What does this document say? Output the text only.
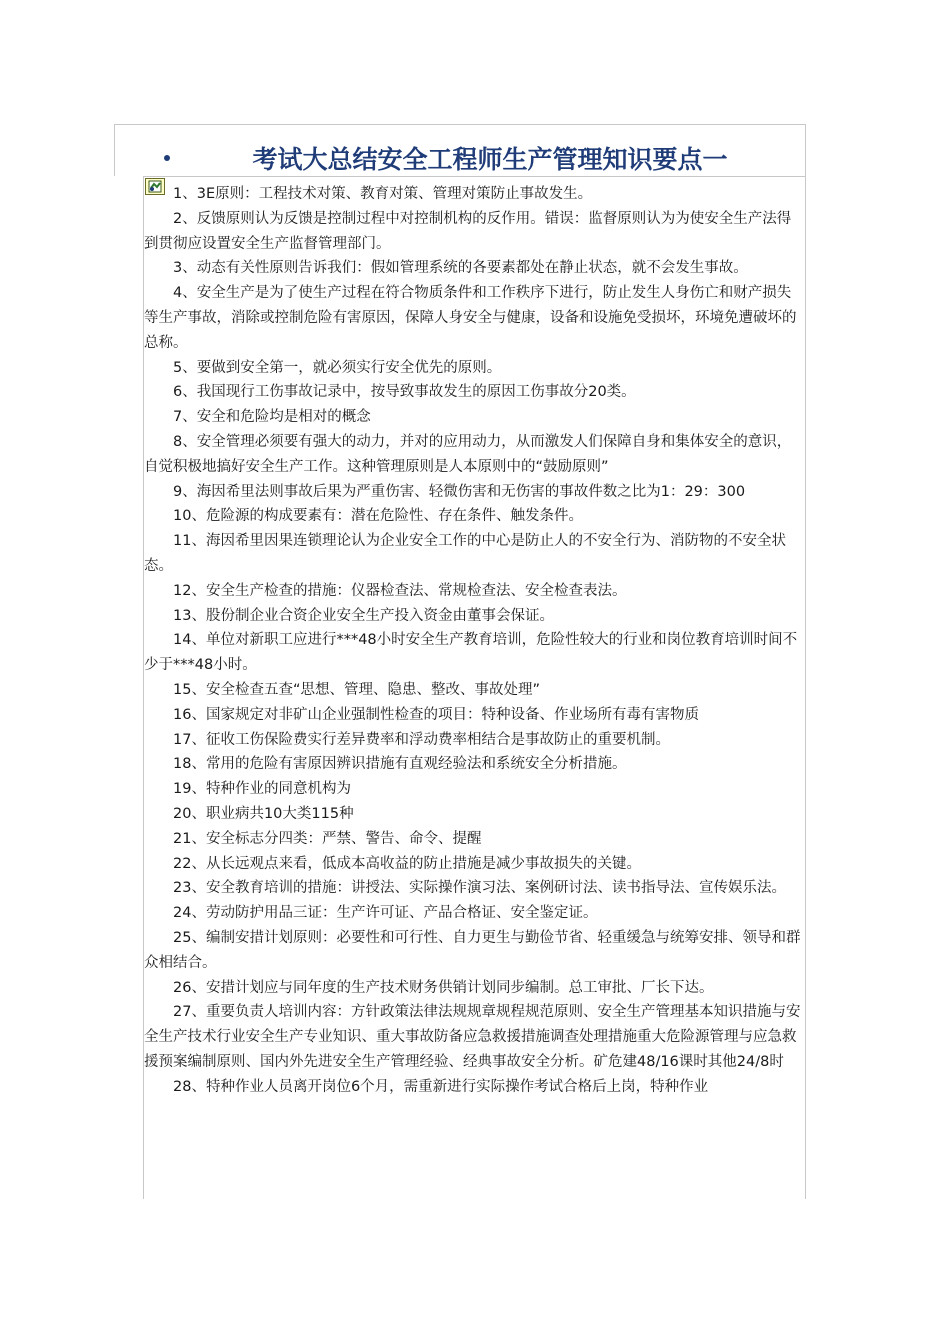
考试大总结安全工程师生产管理知识要点一

1、3E原则：工程技术对策、教育对策、管理对策防止事故发生。

2、反馈原则认为反馈是控制过程中对控制机构的反作用。错误：监督原则认为为使安全生产法得到贯彻应设置安全生产监督管理部门。

3、动态有关性原则告诉我们：假如管理系统的各要素都处在静止状态，就不会发生事故。

4、安全生产是为了使生产过程在符合物质条件和工作秩序下进行，防止发生人身伤亡和财产损失等生产事故，消除或控制危险有害原因，保障人身安全与健康，设备和设施免受损坏，环境免遭破坏的总称。

5、要做到安全第一，就必须实行安全优先的原则。

6、我国现行工伤事故记录中，按导致事故发生的原因工伤事故分20类。

7、安全和危险均是相对的概念

8、安全管理必须要有强大的动力，并对的应用动力，从而激发人们保障自身和集体安全的意识，自觉积极地搞好安全生产工作。这种管理原则是人本原则中的“鼓励原则”

9、海因希里法则事故后果为严重伤害、轻微伤害和无伤害的事故件数之比为1：29：300

10、危险源的构成要素有：潜在危险性、存在条件、触发条件。

11、海因希里因果连锁理论认为企业安全工作的中心是防止人的不安全行为、消防物的不安全状态。

12、安全生产检查的措施：仪器检查法、常规检查法、安全检查表法。

13、股份制企业合资企业安全生产投入资金由董事会保证。

14、单位对新职工应进行***48小时安全生产教育培训，危险性较大的行业和岗位教育培训时间不少于***48小时。

15、安全检查五查“思想、管理、隐患、整改、事故处理”

16、国家规定对非矿山企业强制性检查的项目：特种设备、作业场所有毒有害物质

17、征收工伤保险费实行差异费率和浮动费率相结合是事故防止的重要机制。

18、常用的危险有害原因辨识措施有直观经验法和系统安全分析措施。

19、特种作业的同意机构为

20、职业病共10大类115种

21、安全标志分四类：严禁、警告、命令、提醒

22、从长远观点来看，低成本高收益的防止措施是减少事故损失的关键。

23、安全教育培训的措施：讲授法、实际操作演习法、案例研讨法、读书指导法、宣传娱乐法。

24、劳动防护用品三证：生产许可证、产品合格证、安全鉴定证。

25、编制安措计划原则：必要性和可行性、自力更生与勤俭节省、轻重缓急与统筹安排、领导和群众相结合。

26、安措计划应与同年度的生产技术财务供销计划同步编制。总工审批、厂长下达。

27、重要负责人培训内容：方针政策法律法规规章规程规范原则、安全生产管理基本知识措施与安全生产技术行业安全生产专业知识、重大事故防备应急救援措施调查处理措施重大危险源管理与应急救援预案编制原则、国内外先进安全生产管理经验、经典事故安全分析。矿危建48/16课时其他24/8时

28、特种作业人员离开岗位6个月，需重新进行实际操作考试合格后上岗，特种作业
